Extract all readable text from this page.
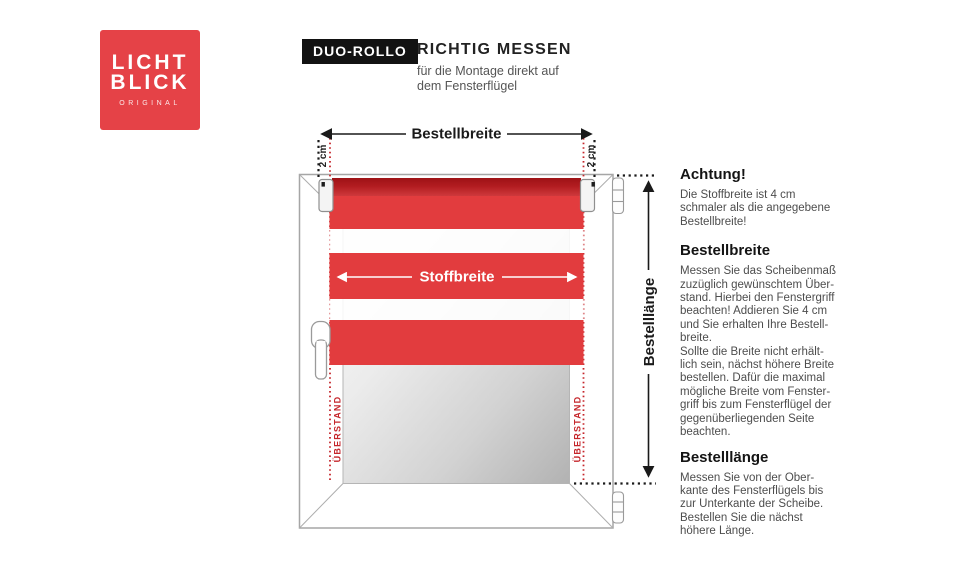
LICHT
BLICK
ORIGINAL
DUO-ROLLO RICHTIG MESSEN
für die Montage direkt auf
dem Fensterflügel
Bestellbreite
Stoffbreite
Bestelllänge
2 cm	2 cm
ÜBERSTAND	ÜBERSTAND
Achtung!
Die Stoffbreite ist 4 cm
schmaler als die angegebene
Bestellbreite!
Bestellbreite
Messen Sie das Scheibenmaß
zuzüglich gewünschtem Über-
stand. Hierbei den Fenstergriff
beachten! Addieren Sie 4 cm
und Sie erhalten Ihre Bestell-
breite.
Sollte die Breite nicht erhält-
lich sein, nächst höhere Breite
bestellen. Dafür die maximal
mögliche Breite vom Fenster-
griff bis zum Fensterflügel der
gegenüberliegenden Seite
beachten.
Bestelllänge
Messen Sie von der Ober-
kante des Fensterflügels bis
zur Unterkante der Scheibe.
Bestellen Sie die nächst
höhere Länge.
